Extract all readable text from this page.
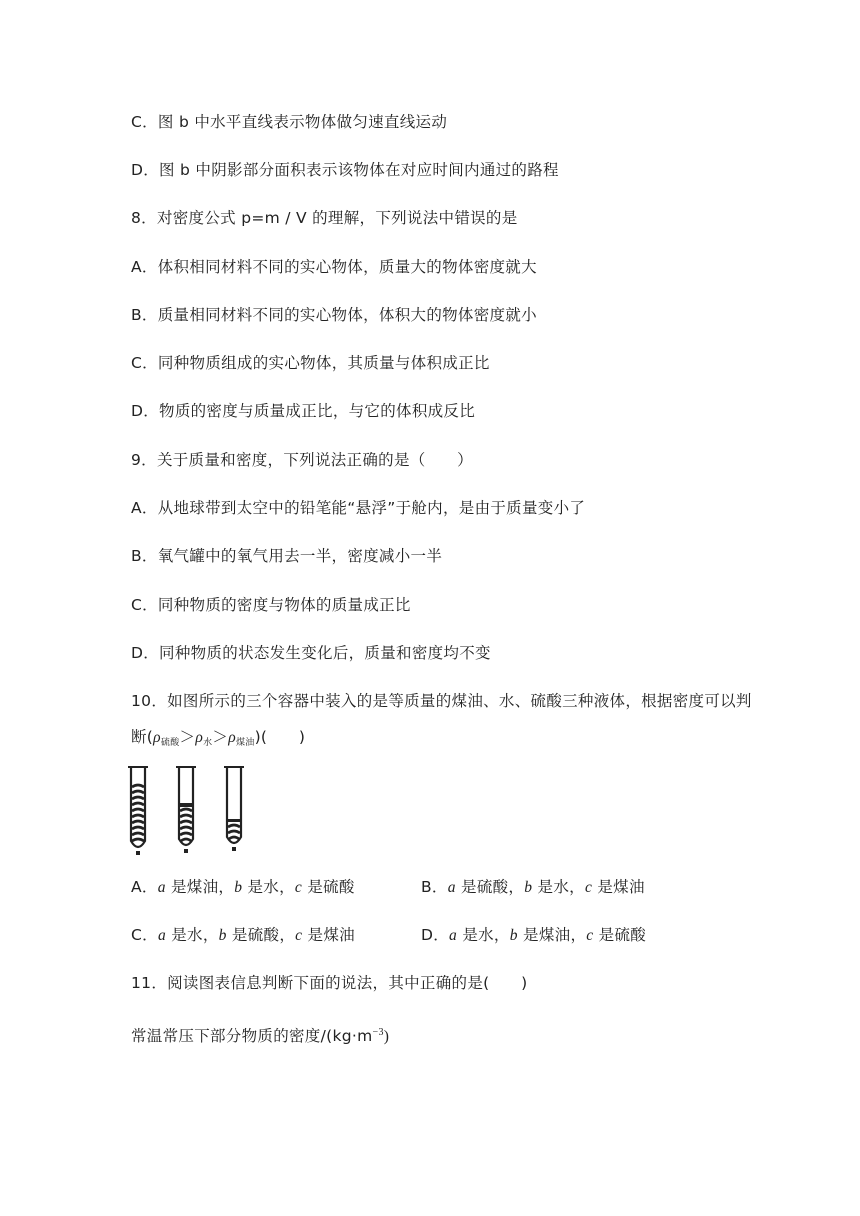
C．图 b 中水平直线表示物体做匀速直线运动
D．图 b 中阴影部分面积表示该物体在对应时间内通过的路程
8．对密度公式 p=m / V 的理解，下列说法中错误的是
A．体积相同材料不同的实心物体，质量大的物体密度就大
B．质量相同材料不同的实心物体，体积大的物体密度就小
C．同种物质组成的实心物体，其质量与体积成正比
D．物质的密度与质量成正比，与它的体积成反比
9．关于质量和密度，下列说法正确的是（　　）
A．从地球带到太空中的铅笔能“悬浮”于舱内，是由于质量变小了
B．氧气罐中的氧气用去一半，密度减小一半
C．同种物质的密度与物体的质量成正比
D．同种物质的状态发生变化后，质量和密度均不变
10．如图所示的三个容器中装入的是等质量的煤油、水、硫酸三种液体，根据密度可以判
断$(\rho_{硫酸}>\rho_水>\rho_{煤油})$(　　)
A．a 是煤油，b 是水，c 是硫酸	B．a 是硫酸，b 是水，c 是煤油
C．a 是水，b 是硫酸，c 是煤油	D．a 是水，b 是煤油，c 是硫酸
11．阅读图表信息判断下面的说法，其中正确的是(　　)
常温常压下部分物质的密度$/(kg\cdot m^{-3})$
